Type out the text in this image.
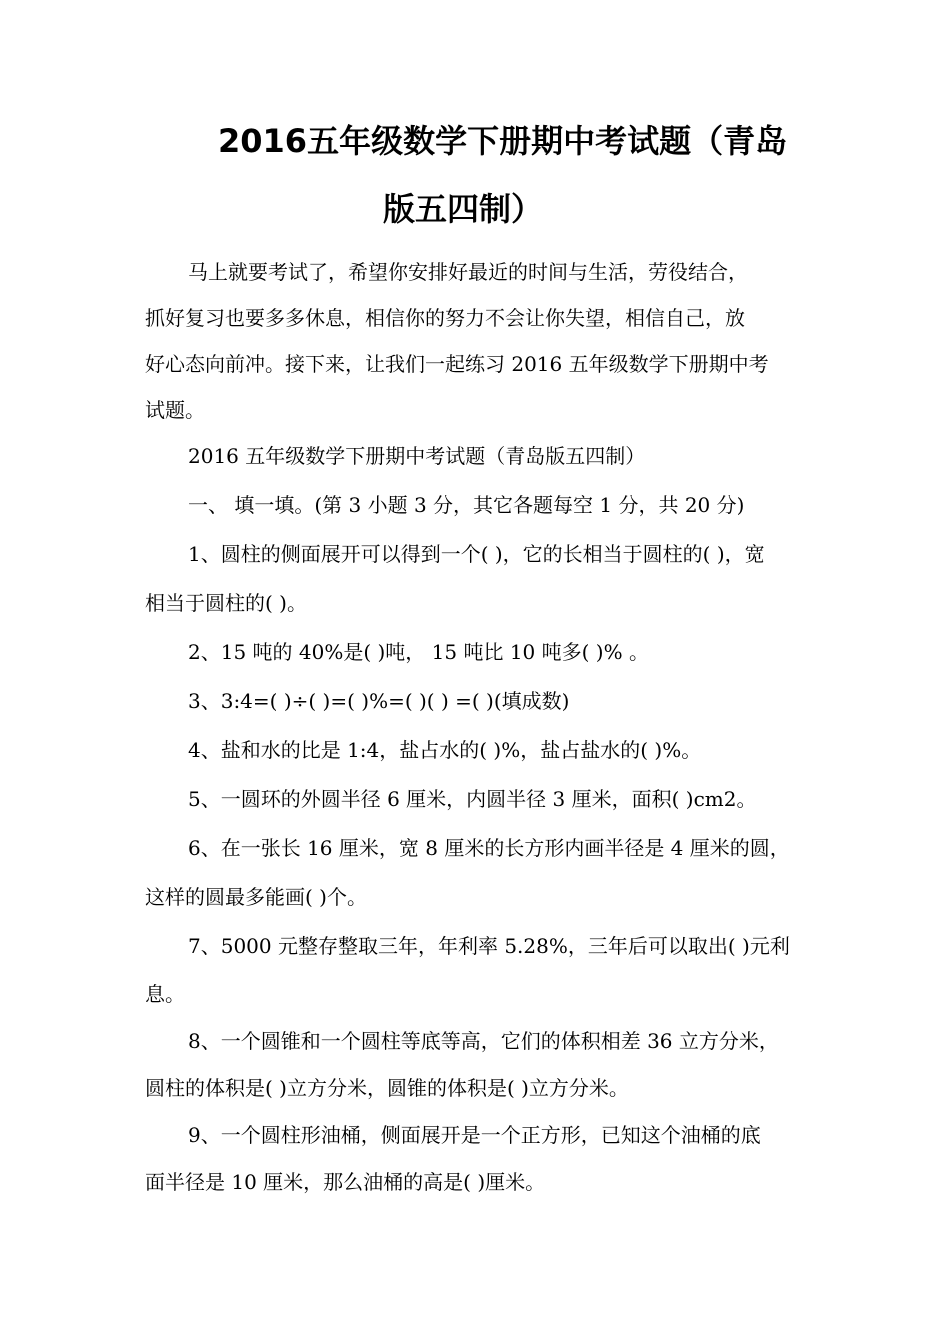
2016五年级数学下册期中考试题（青岛
版五四制）
马上就要考试了，希望你安排好最近的时间与生活，劳役结合，
抓好复习也要多多休息，相信你的努力不会让你失望，相信自己，放
好心态向前冲。接下来，让我们一起练习 2016 五年级数学下册期中考
试题。
2016 五年级数学下册期中考试题（青岛版五四制）
一、 填一填。(第 3 小题 3 分，其它各题每空 1 分，共 20 分)
1、圆柱的侧面展开可以得到一个( )，它的长相当于圆柱的( )，宽
相当于圆柱的( )。
2、15 吨的 40%是( )吨， 15 吨比 10 吨多( )% 。
3、3:4=( )÷( )=( )%=( )( ) =( )(填成数)
4、盐和水的比是 1:4，盐占水的( )%，盐占盐水的( )%。
5、一圆环的外圆半径 6 厘米，内圆半径 3 厘米，面积( )cm2。
6、在一张长 16 厘米，宽 8 厘米的长方形内画半径是 4 厘米的圆，
这样的圆最多能画( )个。
7、5000 元整存整取三年，年利率 5.28%，三年后可以取出( )元利
息。
8、一个圆锥和一个圆柱等底等高，它们的体积相差 36 立方分米，
圆柱的体积是( )立方分米，圆锥的体积是( )立方分米。
9、一个圆柱形油桶，侧面展开是一个正方形，已知这个油桶的底
面半径是 10 厘米，那么油桶的高是( )厘米。
